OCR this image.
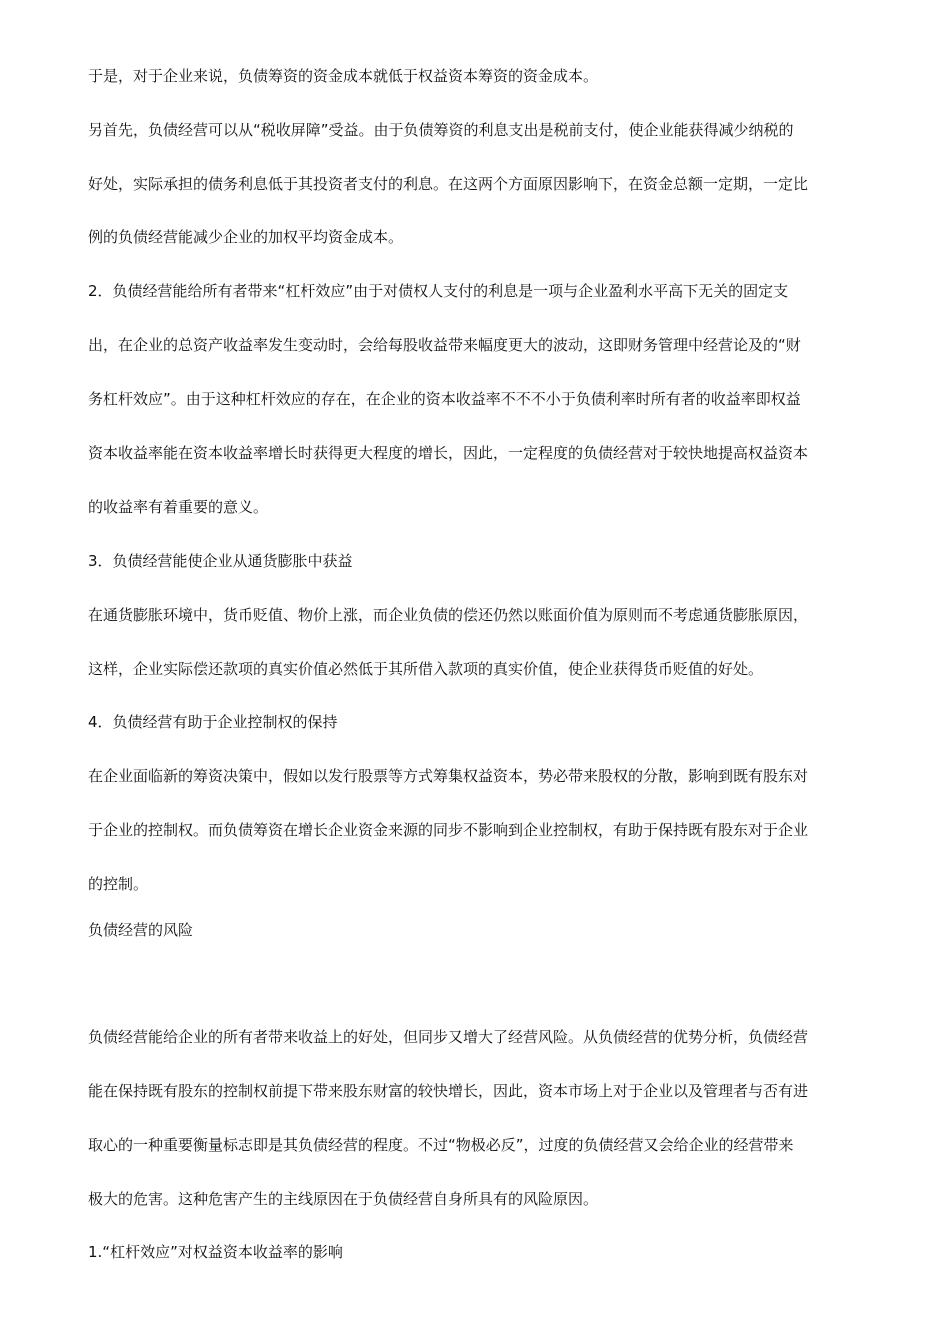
于是，对于企业来说，负债筹资的资金成本就低于权益资本筹资的资金成本。
另首先，负债经营可以从“税收屏障”受益。由于负债筹资的利息支出是税前支付，使企业能获得减少纳税的
好处，实际承担的债务利息低于其投资者支付的利息。在这两个方面原因影响下，在资金总额一定期，一定比
例的负债经营能减少企业的加权平均资金成本。
2．负债经营能给所有者带来“杠杆效应”由于对债权人支付的利息是一项与企业盈利水平高下无关的固定支
出，在企业的总资产收益率发生变动时，会给每股收益带来幅度更大的波动，这即财务管理中经营论及的“财
务杠杆效应”。由于这种杠杆效应的存在，在企业的资本收益率不不不小于负债利率时所有者的收益率即权益
资本收益率能在资本收益率增长时获得更大程度的增长，因此，一定程度的负债经营对于较快地提高权益资本
的收益率有着重要的意义。
3．负债经营能使企业从通货膨胀中获益
在通货膨胀环境中，货币贬值、物价上涨，而企业负债的偿还仍然以账面价值为原则而不考虑通货膨胀原因，
这样，企业实际偿还款项的真实价值必然低于其所借入款项的真实价值，使企业获得货币贬值的好处。
4．负债经营有助于企业控制权的保持
在企业面临新的筹资决策中，假如以发行股票等方式筹集权益资本，势必带来股权的分散，影响到既有股东对
于企业的控制权。而负债筹资在增长企业资金来源的同步不影响到企业控制权，有助于保持既有股东对于企业
的控制。
负债经营的风险
负债经营能给企业的所有者带来收益上的好处，但同步又增大了经营风险。从负债经营的优势分析，负债经营
能在保持既有股东的控制权前提下带来股东财富的较快增长，因此，资本市场上对于企业以及管理者与否有进
取心的一种重要衡量标志即是其负债经营的程度。不过“物极必反”，过度的负债经营又会给企业的经营带来
极大的危害。这种危害产生的主线原因在于负债经营自身所具有的风险原因。
1.“杠杆效应”对权益资本收益率的影响
